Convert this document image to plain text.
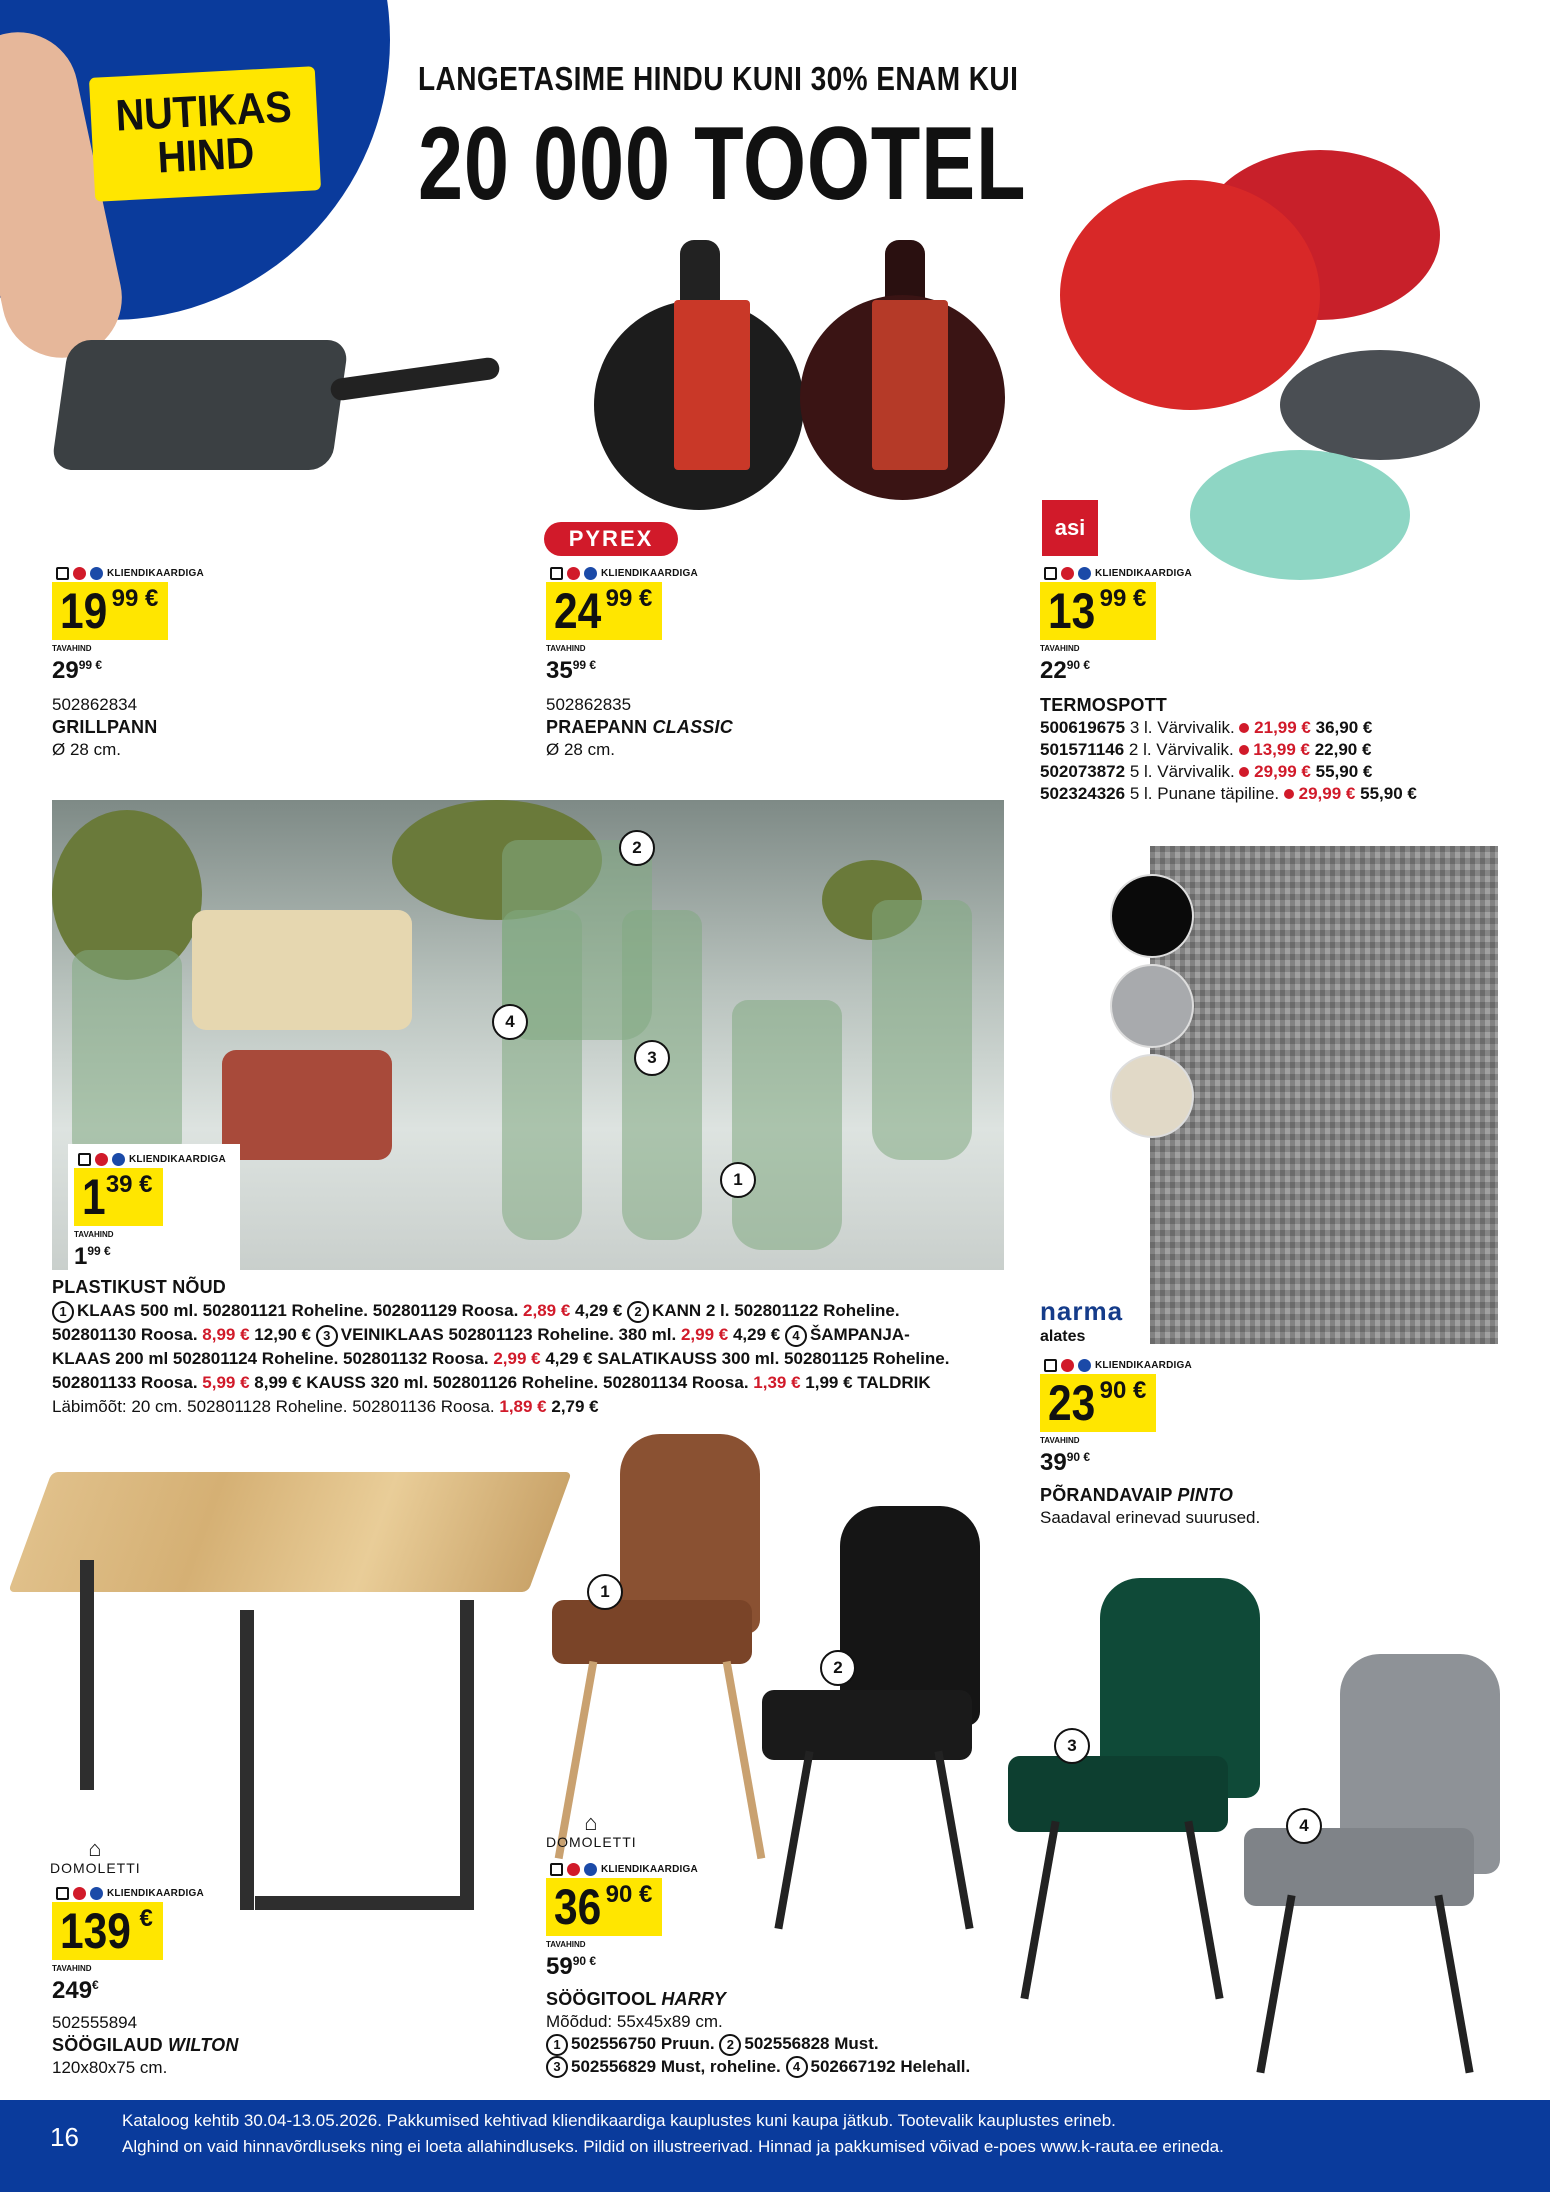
NUTIKAS
HIND
LANGETASIME HINDU KUNI 30% ENAM KUI
20 000 TOOTEL
PYREX	asi
KLIENDIKAARDIGA
19 99 €
TAVAHIND
$29^{99 €}$
502862834
GRILLPANN
Ø 28 cm.
KLIENDIKAARDIGA
24 99 €
TAVAHIND
$35^{99 €}$
502862835
PRAEPANN CLASSIC
Ø 28 cm.
KLIENDIKAARDIGA
13 99 €
TAVAHIND
$22^{90 €}$
TERMOSPOTT
500619675 3 l. Värvivalik. 21,99 € 36,90 €
501571146 2 l. Värvivalik. 13,99 € 22,90 €
502073872 5 l. Värvivalik. 29,99 € 55,90 €
502324326 5 l. Punane täpiline. 29,99 € 55,90 €
2
4
3
1
KLIENDIKAARDIGA
1 39 €
TAVAHIND
$1^{99 €}$
PLASTIKUST NÕUD
1 KLAAS 500 ml. 502801121 Roheline. 502801129 Roosa. 2,89 € 4,29 € 2 KANN 2 l. 502801122 Roheline.
502801130 Roosa. 8,99 € 12,90 € 3 VEINIKLAAS 502801123 Roheline. 380 ml. 2,99 € 4,29 € 4 ŠAMPANJA-
KLAAS 200 ml 502801124 Roheline. 502801132 Roosa. 2,99 € 4,29 € SALATIKAUSS 300 ml. 502801125 Roheline.
502801133 Roosa. 5,99 € 8,99 € KAUSS 320 ml. 502801126 Roheline. 502801134 Roosa. 1,39 € 1,99 € TALDRIK
Läbimõõt: 20 cm. 502801128 Roheline. 502801136 Roosa. 1,89 € 2,79 €
narma
alates
KLIENDIKAARDIGA
23 90 €
TAVAHIND
$39^{90 €}$
PÕRANDAVAIP PINTO
Saadaval erinevad suurused.
⌂
DOMOLETTI
KLIENDIKAARDIGA
139 €
TAVAHIND
249€
502555894
SÖÖGILAUD WILTON
120x80x75 cm.
1
2
3
4
⌂
DOMOLETTI
KLIENDIKAARDIGA
36 90 €
TAVAHIND
$59^{90 €}$
SÖÖGITOOL HARRY
Mõõdud: 55x45x89 cm.
1 502556750 Pruun. 2 502556828 Must.
3 502556829 Must, roheline. 4 502667192 Helehall.
16
Kataloog kehtib 30.04-13.05.2026. Pakkumised kehtivad kliendikaardiga kauplustes kuni kaupa jätkub. Tootevalik kauplustes erineb.
Alghind on vaid hinnavõrdluseks ning ei loeta allahindluseks. Pildid on illustreerivad. Hinnad ja pakkumised võivad e-poes www.k-rauta.ee erineda.
